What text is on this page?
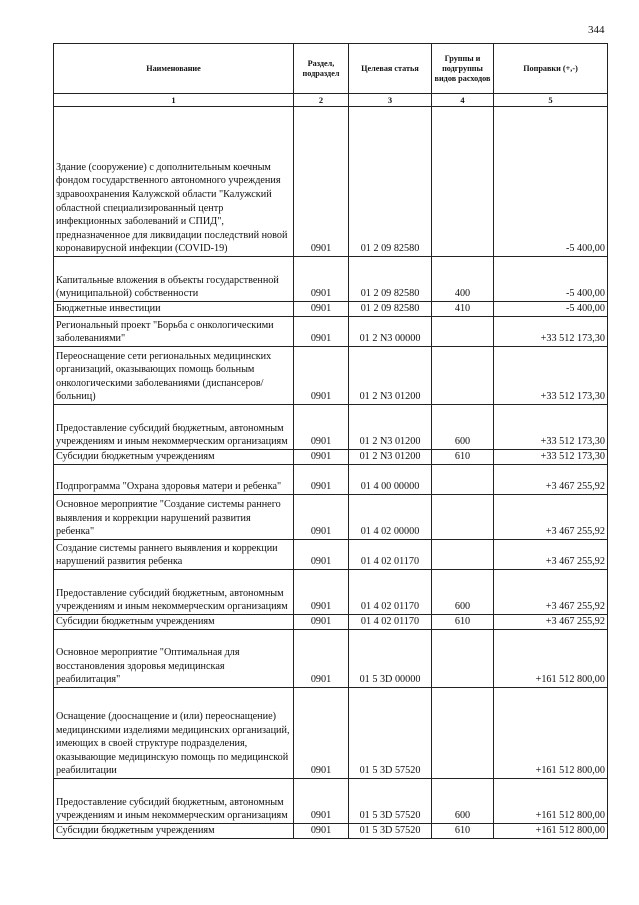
344
Наименование	Раздел, подраздел	Целевая статья	Группы и подгруппы видов расходов	Поправки (+,-)
1	2	3	4	5
Здание (сооружение) с дополнительным коечным фондом государственного автономного учреждения здравоохранения Калужской области "Калужский областной специализированный центр инфекционных заболеваний и СПИД", предназначенное для ликвидации последствий новой коронавирусной инфекции (COVID-19)	0901	01 2 09 82580		-5 400,00
Капитальные вложения в объекты государственной (муниципальной) собственности	0901	01 2 09 82580	400	-5 400,00
Бюджетные инвестиции	0901	01 2 09 82580	410	-5 400,00
Региональный проект "Борьба с онкологическими заболеваниями"	0901	01 2 N3 00000		+33 512 173,30
Переоснащение сети региональных медицинских организаций, оказывающих помощь больным онкологическими заболеваниями (диспансеров/больниц)	0901	01 2 N3 01200		+33 512 173,30
Предоставление субсидий бюджетным, автономным учреждениям и иным некоммерческим организациям	0901	01 2 N3 01200	600	+33 512 173,30
Субсидии бюджетным учреждениям	0901	01 2 N3 01200	610	+33 512 173,30
Подпрограмма "Охрана здоровья матери и ребенка"	0901	01 4 00 00000		+3 467 255,92
Основное мероприятие "Создание системы раннего выявления и коррекции нарушений развития ребенка"	0901	01 4 02 00000		+3 467 255,92
Создание системы раннего выявления и коррекции нарушений развития ребенка	0901	01 4 02 01170		+3 467 255,92
Предоставление субсидий бюджетным, автономным учреждениям и иным некоммерческим организациям	0901	01 4 02 01170	600	+3 467 255,92
Субсидии бюджетным учреждениям	0901	01 4 02 01170	610	+3 467 255,92
Основное мероприятие "Оптимальная для восстановления здоровья медицинская реабилитация"	0901	01 5 3D 00000		+161 512 800,00
Оснащение (дооснащение и (или) переоснащение) медицинскими изделиями медицинских организаций, имеющих в своей структуре подразделения, оказывающие медицинскую помощь по медицинской реабилитации	0901	01 5 3D 57520		+161 512 800,00
Предоставление субсидий бюджетным, автономным учреждениям и иным некоммерческим организациям	0901	01 5 3D 57520	600	+161 512 800,00
Субсидии бюджетным учреждениям	0901	01 5 3D 57520	610	+161 512 800,00
